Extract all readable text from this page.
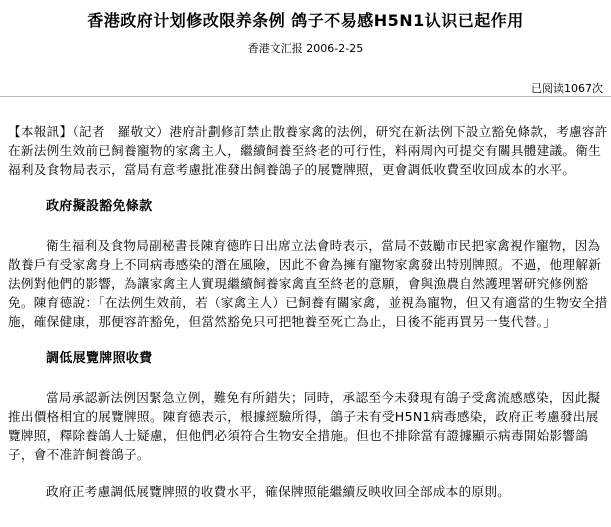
香港政府计划修改限养条例 鸽子不易感H5N1认识已起作用
香港文汇报 2006-2-25
已阅读1067次

【本報訊】（記者　羅敬文）港府計劃修訂禁止散養家禽的法例，研究在新法例下設立豁免條款，考慮容許在新法例生效前已飼養寵物的家禽主人，繼續飼養至終老的可行性，料兩周內可提交有關具體建議。衛生福利及食物局表示，當局有意考慮批准發出飼養鴿子的展覽牌照，更會調低收費至收回成本的水平。

政府擬設豁免條款

衛生福利及食物局副秘書長陳育德昨日出席立法會時表示，當局不鼓勵市民把家禽視作寵物，因為散養戶有受家禽身上不同病毒感染的潛在風險，因此不會為擁有寵物家禽發出特別牌照。不過，他理解新法例對他們的影響，為讓家禽主人實現繼續飼養家禽直至終老的意願，會與漁農自然護理署研究修例豁免。陳育德說：「在法例生效前，若（家禽主人）已飼養有關家禽，並視為寵物，但又有適當的生物安全措施，確保健康，那便容許豁免，但當然豁免只可把牠養至死亡為止，日後不能再買另一隻代替。」

調低展覽牌照收費

當局承認新法例因緊急立例，難免有所錯失；同時，承認至今未發現有鴿子受禽流感感染，因此擬推出價格相宜的展覽牌照。陳育德表示，根據經驗所得，鴿子未有受H5N1病毒感染，政府正考慮發出展覽牌照，釋除養鴿人士疑慮，但他們必須符合生物安全措施。但也不排除當有證據顯示病毒開始影響鴿子，會不准許飼養鴿子。

政府正考慮調低展覽牌照的收費水平，確保牌照能繼續反映收回全部成本的原則。
